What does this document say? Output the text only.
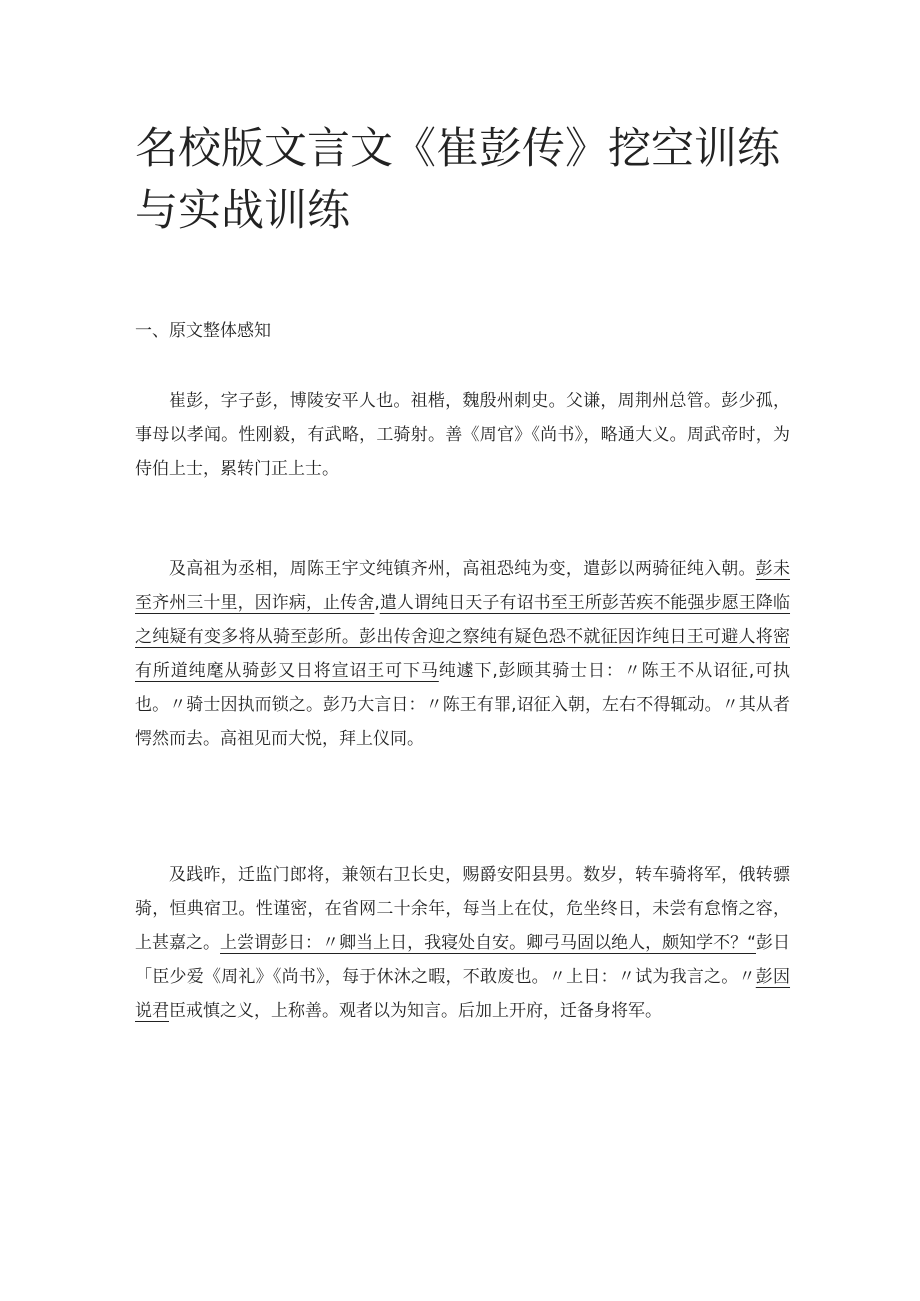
名校版文言文《崔彭传》挖空训练与实战训练
一、原文整体感知

崔彭，字子彭，博陵安平人也。祖楷，魏殷州刺史。父谦，周荆州总管。彭少孤，事母以孝闻。性刚毅，有武略，工骑射。善《周官》《尚书》，略通大义。周武帝时，为侍伯上士，累转门正上士。

及高祖为丞相，周陈王宇文纯镇齐州，高祖恐纯为变，遣彭以两骑征纯入朝。彭未至齐州三十里，因诈病，止传舍,遣人谓纯日天子有诏书至王所彭苦疾不能强步愿王降临之纯疑有变多将从骑至彭所。彭出传舍迎之察纯有疑色恐不就征因诈纯日王可避人将密有所道纯麾从骑彭又日将宣诏王可下马纯遽下,彭顾其骑士日：〃陈王不从诏征,可执也。〃骑士因执而锁之。彭乃大言日：〃陈王有罪,诏征入朝，左右不得辄动。〃其从者愕然而去。高祖见而大悦，拜上仪同。

及践昨，迁监门郎将，兼领右卫长史，赐爵安阳县男。数岁，转车骑将军，俄转骠骑，恒典宿卫。性谨密，在省网二十余年，每当上在仗，危坐终日，未尝有怠惰之容，上甚嘉之。上尝谓彭日：〃卿当上日，我寝处自安。卿弓马固以绝人，颇知学不？“彭日「臣少爱《周礼》《尚书》，每于休沐之暇，不敢废也。〃上日：〃试为我言之。〃彭因说君臣戒慎之义，上称善。观者以为知言。后加上开府，迁备身将军。
